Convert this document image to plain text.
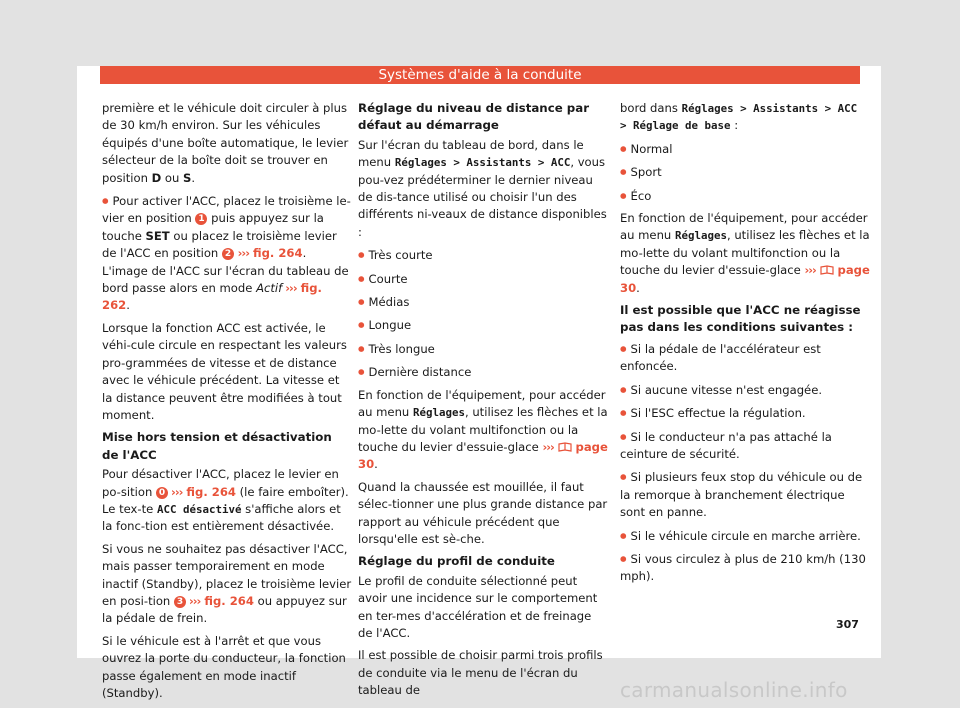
Systèmes d'aide à la conduite

première et le véhicule doit circuler à plus de 30 km/h environ. Sur les véhicules équipés d'une boîte automatique, le levier sélecteur de la boîte doit se trouver en position D ou S.

● Pour activer l'ACC, placez le troisième le-vier en position 1 puis appuyez sur la touche SET ou placez le troisième levier de l'ACC en position 2 ››› fig. 264. L'image de l'ACC sur l'écran du tableau de bord passe alors en mode Actif ››› fig. 262.

Lorsque la fonction ACC est activée, le véhi-cule circule en respectant les valeurs pro-grammées de vitesse et de distance avec le véhicule précédent. La vitesse et la distance peuvent être modifiées à tout moment.

Mise hors tension et désactivation de l'ACC

Pour désactiver l'ACC, placez le levier en po-sition 0 ››› fig. 264 (le faire emboîter). Le tex-te ACC désactivé s'affiche alors et la fonc-tion est entièrement désactivée.

Si vous ne souhaitez pas désactiver l'ACC, mais passer temporairement en mode inactif (Standby), placez le troisième levier en posi-tion 3 ››› fig. 264 ou appuyez sur la pédale de frein.

Si le véhicule est à l'arrêt et que vous ouvrez la porte du conducteur, la fonction passe également en mode inactif (Standby).

Réglage du niveau de distance par défaut au démarrage

Sur l'écran du tableau de bord, dans le menu Réglages > Assistants > ACC, vous pou-vez prédéterminer le dernier niveau de dis-tance utilisé ou choisir l'un des différents ni-veaux de distance disponibles :

● Très courte

● Courte

● Médias

● Longue

● Très longue

● Dernière distance

En fonction de l'équipement, pour accéder au menu Réglages, utilisez les flèches et la mo-lette du volant multifonction ou la touche du levier d'essuie-glace ›››  page 30.

Quand la chaussée est mouillée, il faut sélec-tionner une plus grande distance par rapport au véhicule précédent que lorsqu'elle est sè-che.

Réglage du profil de conduite

Le profil de conduite sélectionné peut avoir une incidence sur le comportement en ter-mes d'accélération et de freinage de l'ACC.

Il est possible de choisir parmi trois profils de conduite via le menu de l'écran du tableau de

bord dans Réglages > Assistants > ACC > Réglage de base :

● Normal

● Sport

● Éco

En fonction de l'équipement, pour accéder au menu Réglages, utilisez les flèches et la mo-lette du volant multifonction ou la touche du levier d'essuie-glace ›››  page 30.

Il est possible que l'ACC ne réagisse pas dans les conditions suivantes :

● Si la pédale de l'accélérateur est enfoncée.

● Si aucune vitesse n'est engagée.

● Si l'ESC effectue la régulation.

● Si le conducteur n'a pas attaché la ceinture de sécurité.

● Si plusieurs feux stop du véhicule ou de la remorque à branchement électrique sont en panne.

● Si le véhicule circule en marche arrière.

● Si vous circulez à plus de 210 km/h (130 mph).

307
carmanualsonline.info
